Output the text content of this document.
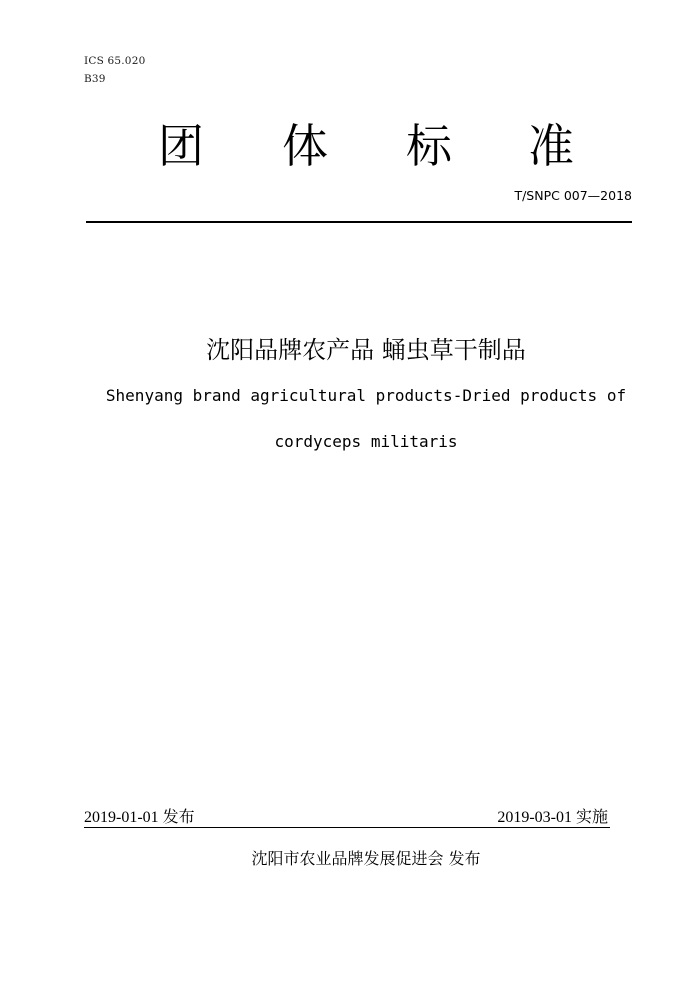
ICS 65.020
B39
团 体 标 准
T/SNPC 007—2018
沈阳品牌农产品 蛹虫草干制品
Shenyang brand agricultural products-Dried products of
cordyceps militaris
2019-01-01 发布	2019-03-01 实施
沈阳市农业品牌发展促进会 发布
